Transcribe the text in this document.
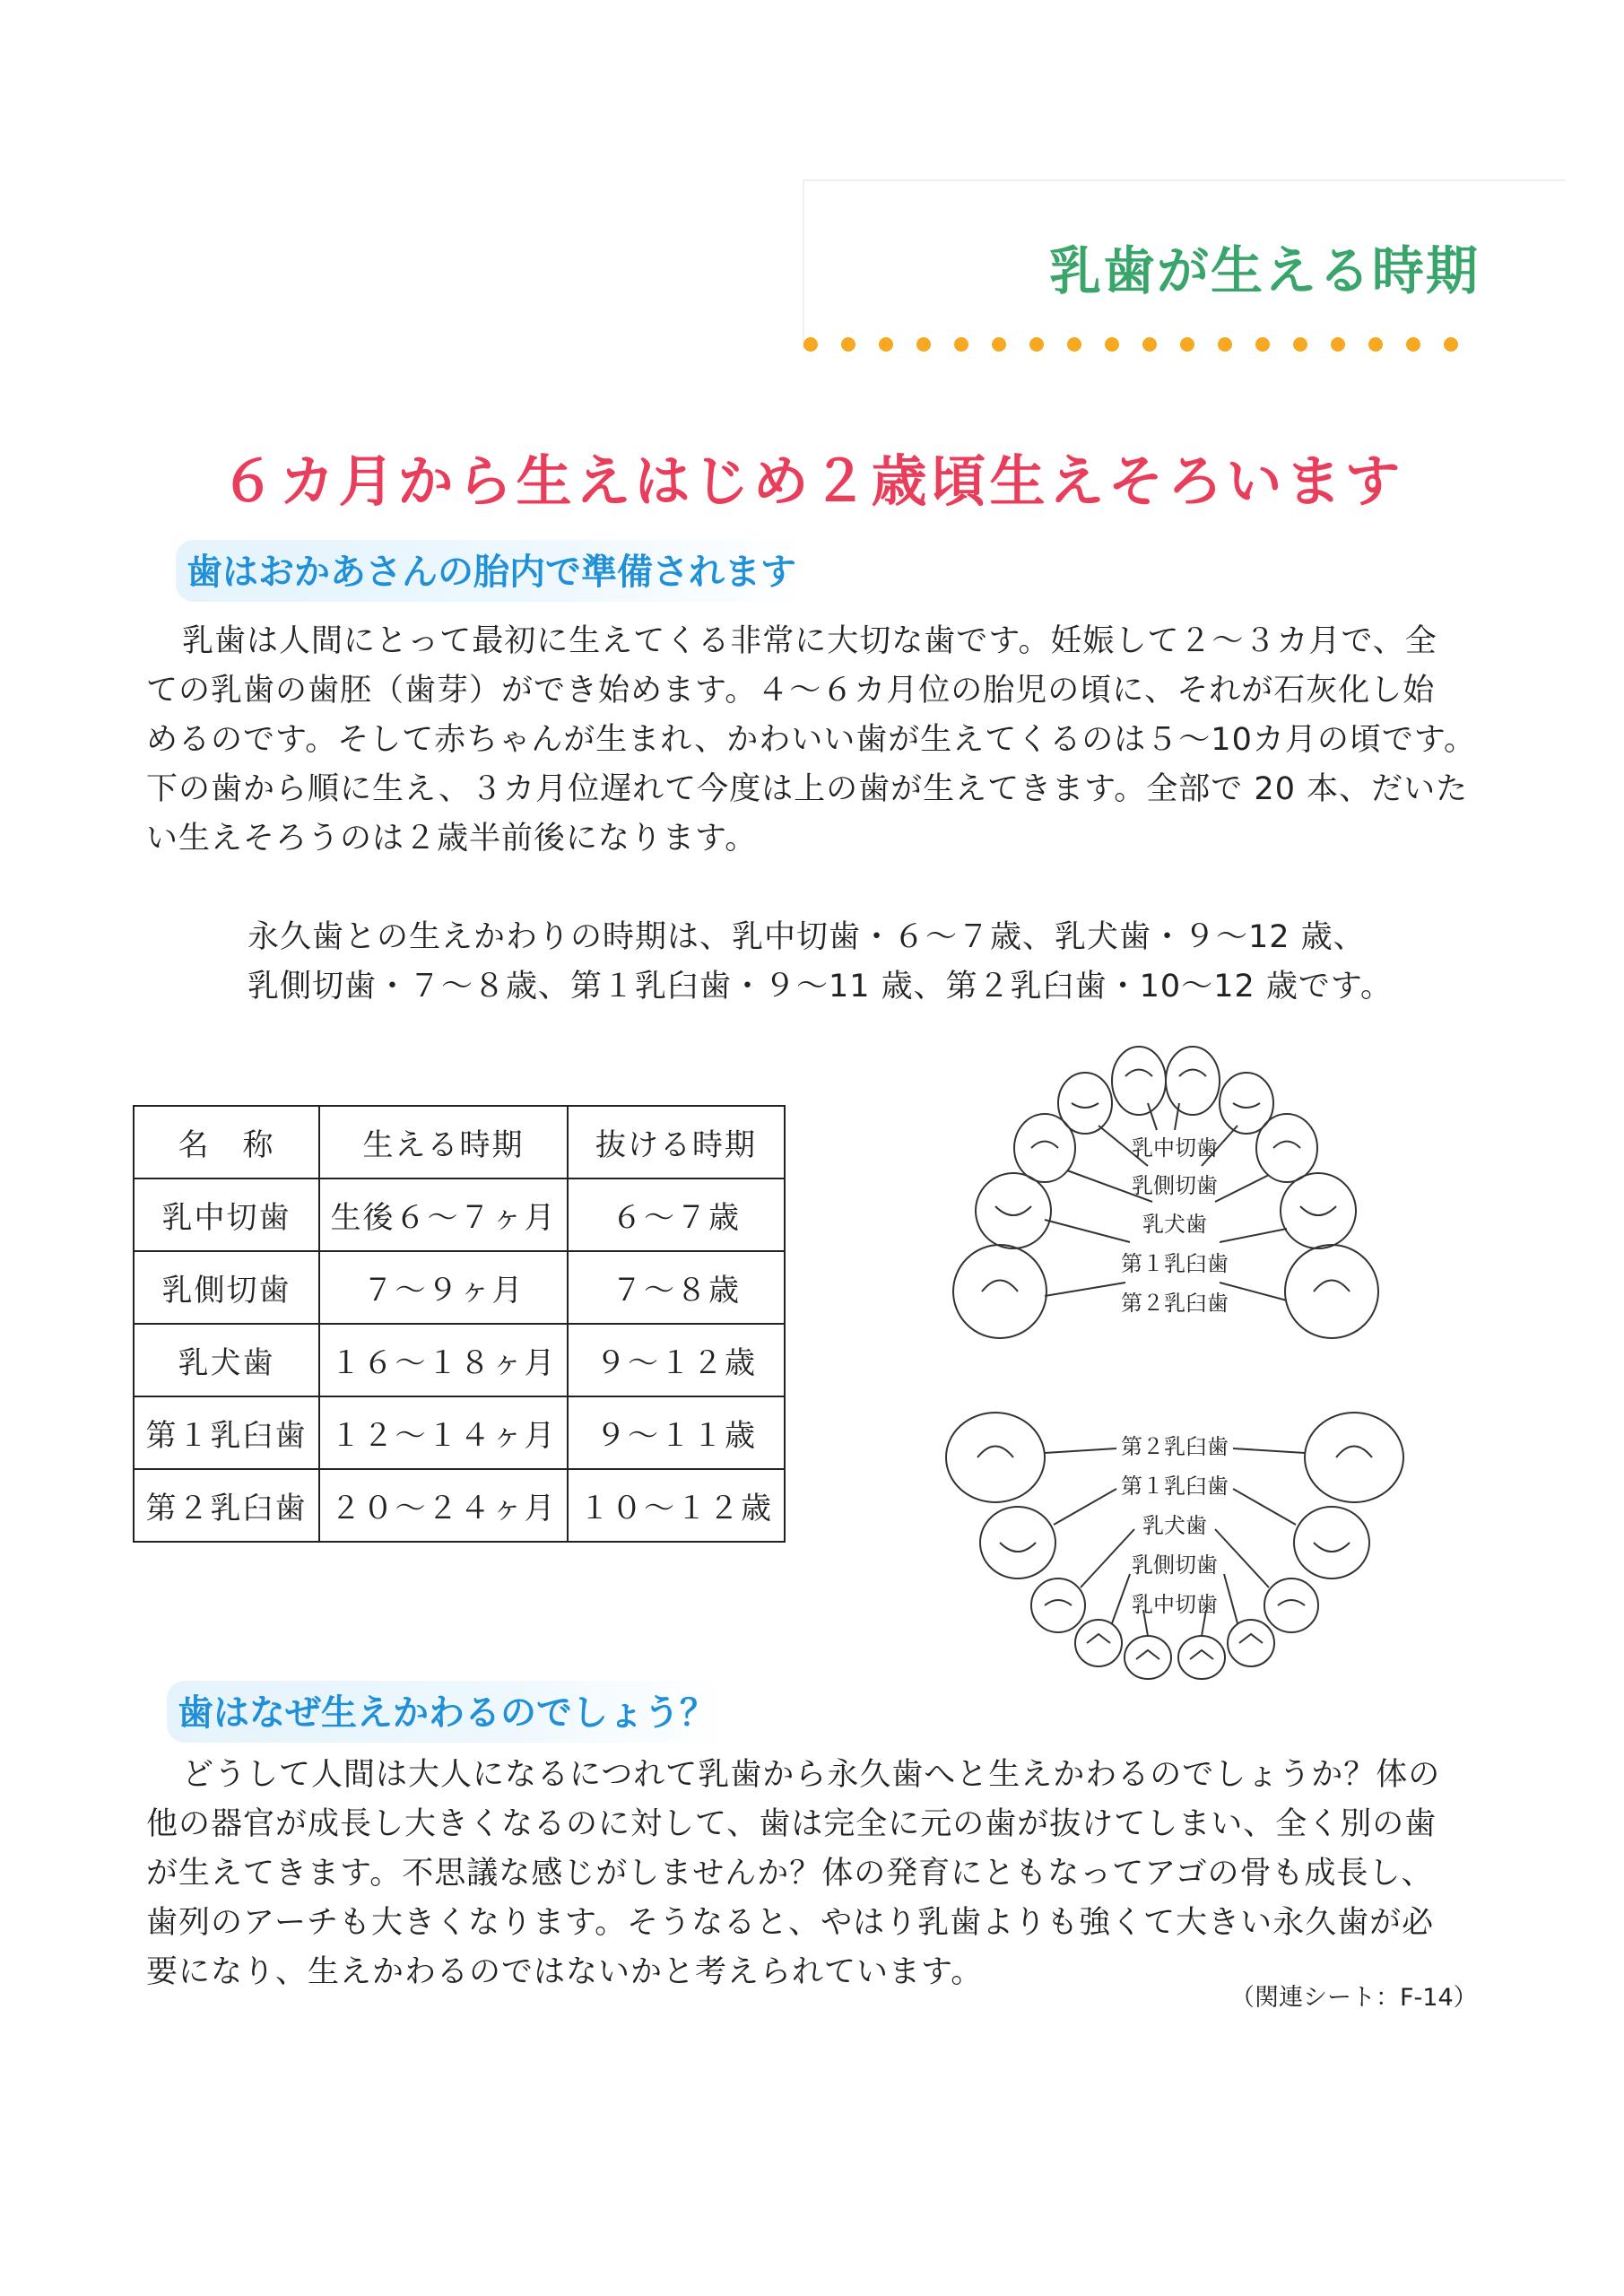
乳歯が生える時期
６カ月から生えはじめ２歳頃生えそろいます
歯はおかあさんの胎内で準備されます
乳歯は人間にとって最初に生えてくる非常に大切な歯です。妊娠して２～３カ月で、全
ての乳歯の歯胚（歯芽）ができ始めます。４～６カ月位の胎児の頃に、それが石灰化し始
めるのです。そして赤ちゃんが生まれ、かわいい歯が生えてくるのは５～10カ月の頃です。
下の歯から順に生え、３カ月位遅れて今度は上の歯が生えてきます。全部で 20 本、だいた
い生えそろうのは２歳半前後になります。
永久歯との生えかわりの時期は、乳中切歯・６～７歳、乳犬歯・９～12 歳、
乳側切歯・７～８歳、第１乳臼歯・９～11 歳、第２乳臼歯・10～12 歳です。
名　称	生える時期	抜ける時期
乳中切歯	生後６～７ヶ月	６～７歳
乳側切歯	７～９ヶ月	７～８歳
乳犬歯	１６～１８ヶ月	９～１２歳
第１乳臼歯	１２～１４ヶ月	９～１１歳
第２乳臼歯	２０～２４ヶ月	１０～１２歳
乳中切歯
乳側切歯
乳犬歯
第１乳臼歯
第２乳臼歯
第２乳臼歯
第１乳臼歯
乳犬歯
乳側切歯
乳中切歯
歯はなぜ生えかわるのでしょう？
どうして人間は大人になるにつれて乳歯から永久歯へと生えかわるのでしょうか？体の
他の器官が成長し大きくなるのに対して、歯は完全に元の歯が抜けてしまい、全く別の歯
が生えてきます。不思議な感じがしませんか？体の発育にともなってアゴの骨も成長し、
歯列のアーチも大きくなります。そうなると、やはり乳歯よりも強くて大きい永久歯が必
要になり、生えかわるのではないかと考えられています。
（関連シート：F-14）
